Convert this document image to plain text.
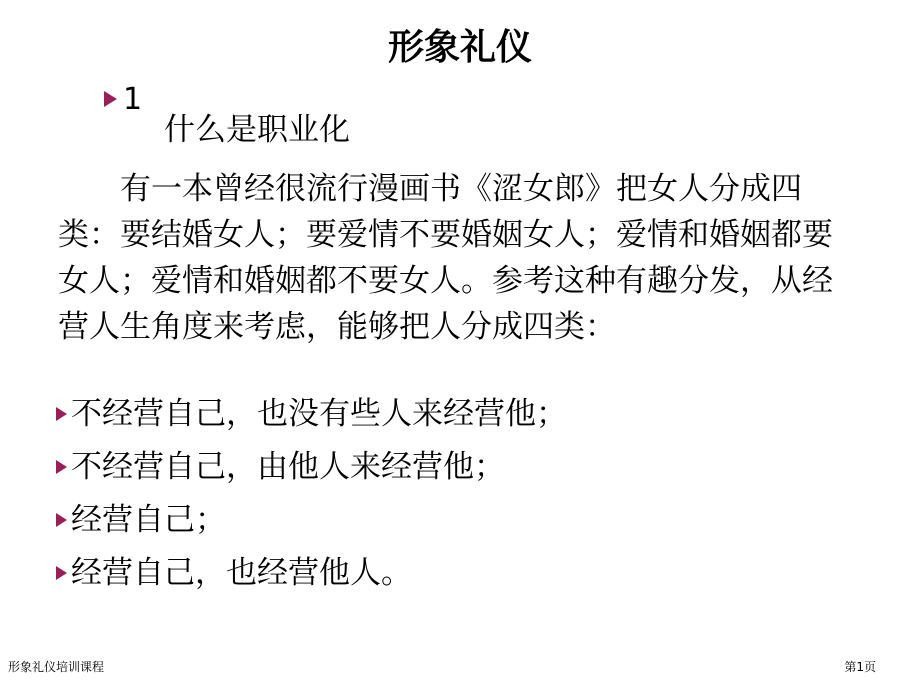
形象礼仪
1
什么是职业化

有一本曾经很流行漫画书《涩女郎》把女人分成四类：要结婚女人；要爱情不要婚姻女人；爱情和婚姻都要女人；爱情和婚姻都不要女人。参考这种有趣分发，从经营人生角度来考虑，能够把人分成四类：

不经营自己，也没有些人来经营他；
不经营自己，由他人来经营他；
经营自己；
经营自己，也经营他人。
形象礼仪培训课程	第1页
